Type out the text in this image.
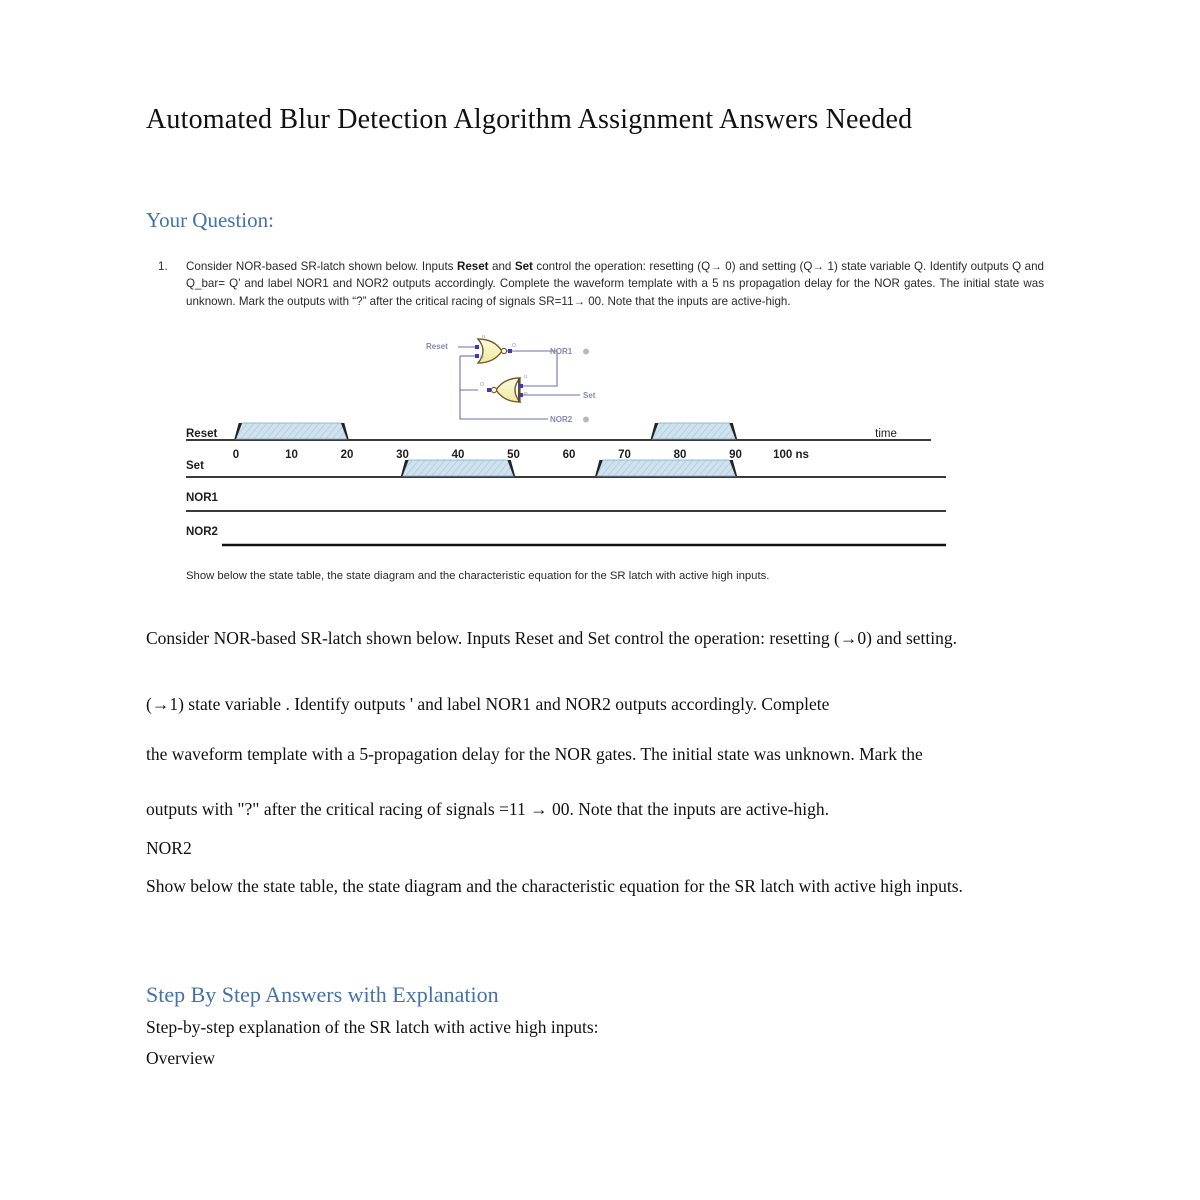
Automated Blur Detection Algorithm Assignment Answers Needed
Your Question:
1.	Consider NOR-based SR-latch shown below. Inputs Reset and Set control the operation: resetting (Q→ 0) and setting (Q→ 1) state variable Q. Identify outputs Q and Q_bar= Q’ and label NOR1 and NOR2 outputs accordingly. Complete the waveform template with a 5 ns propagation delay for the NOR gates. The initial state was unknown. Mark the outputs with “?” after the critical racing of signals SR=11→ 00. Note that the inputs are active-high.
I1
I0
O
I1
I0
O
Reset
Set
NOR1
NOR2
Reset
Set
NOR1
NOR2
0	10	20	30	40	50	60	70	80	90	100 ns
time
Show below the state table, the state diagram and the characteristic equation for the SR latch with active high inputs.
Consider NOR-based SR-latch shown below. Inputs Reset and Set control the operation: resetting (→0) and setting.
(→1) state variable . Identify outputs ' and label NOR1 and NOR2 outputs accordingly. Complete
the waveform template with a 5-propagation delay for the NOR gates. The initial state was unknown. Mark the
outputs with "?" after the critical racing of signals =11 → 00. Note that the inputs are active-high.
NOR2
Show below the state table, the state diagram and the characteristic equation for the SR latch with active high inputs.
Step By Step Answers with Explanation
Step-by-step explanation of the SR latch with active high inputs:
Overview
